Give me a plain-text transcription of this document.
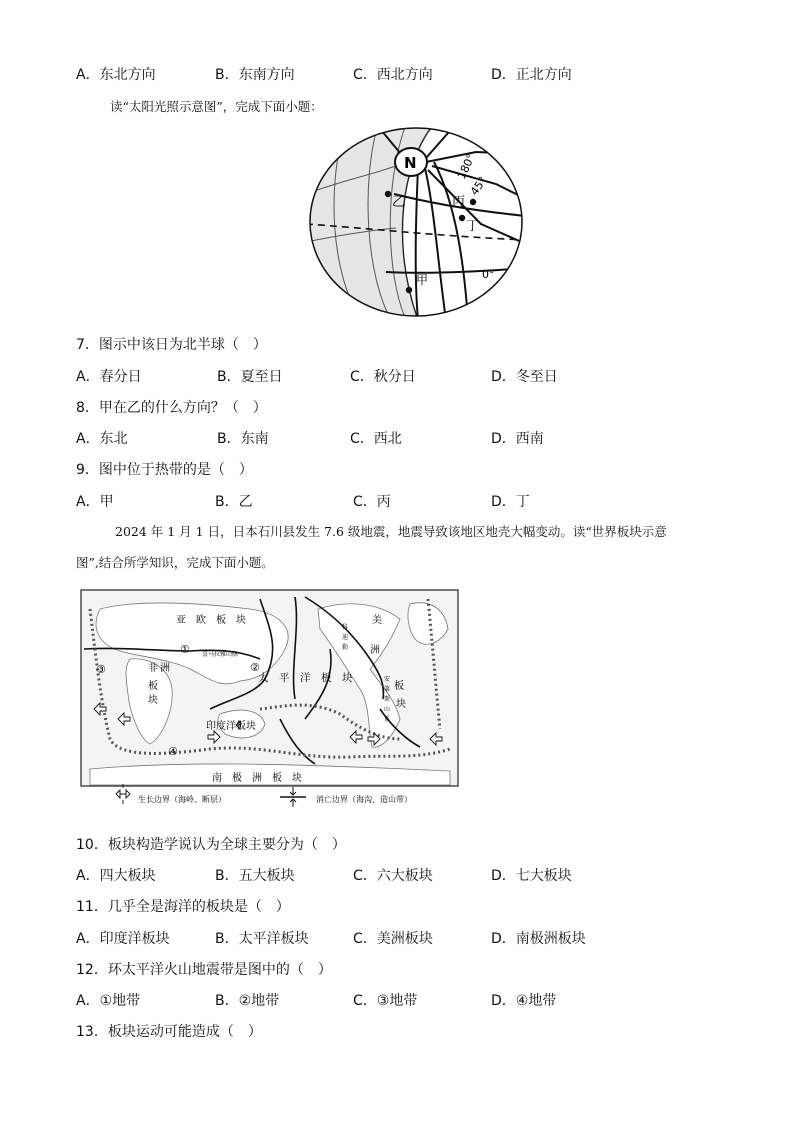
A．东北方向	B．东南方向	C．西北方向	D．正北方向
读“太阳光照示意图”，完成下面小题：
N
乙	丙
丁
甲
180°
45°
0°
7．图示中该日为北半球（　）
A．春分日	B．夏至日	C．秋分日	D．冬至日
8．甲在乙的什么方向？（　）
A．东北	B．东南	C．西北	D．西南
9．图中位于热带的是（　）
A．甲	B．乙	C．丙	D．丁
2024 年 1 月 1 日，日本石川县发生 7.6 级地震，地震导致该地区地壳大幅变动。读“世界板块示意
图”,结合所学知识，完成下面小题。
亚　欧　板　块
太　平　洋　板　块
印度洋板块
南　极　洲　板　块
非 洲
板
块
美
洲
板
块
喜马拉雅山脉
科
迪
勒
安
第
斯
山
系
①
②
③
④
生长边界（海岭、断层）	消亡边界（海沟、造山带）
10．板块构造学说认为全球主要分为（　）
A．四大板块	B．五大板块	C．六大板块	D．七大板块
11．几乎全是海洋的板块是（　）
A．印度洋板块	B．太平洋板块	C．美洲板块	D．南极洲板块
12．环太平洋火山地震带是图中的（　）
A．①地带	B．②地带	C．③地带	D．④地带
13．板块运动可能造成（　）
